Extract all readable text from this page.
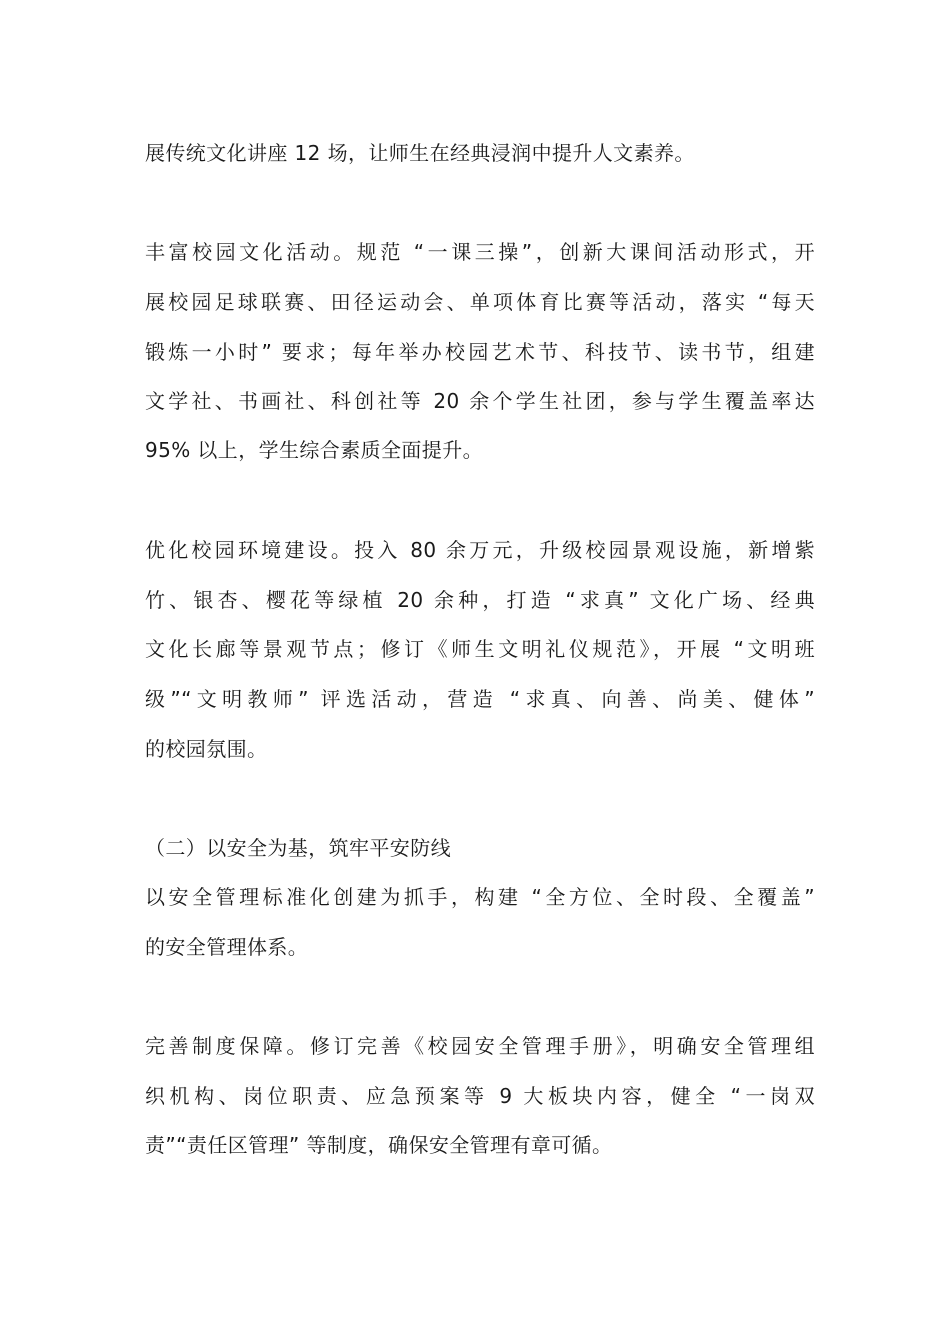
展传统文化讲座 12 场，让师生在经典浸润中提升人文素养。
丰富校园文化活动。规范 “一课三操”，创新大课间活动形式，开
展校园足球联赛、田径运动会、单项体育比赛等活动，落实 “每天
锻炼一小时” 要求；每年举办校园艺术节、科技节、读书节，组建
文学社、书画社、科创社等 20 余个学生社团，参与学生覆盖率达
95% 以上，学生综合素质全面提升。
优化校园环境建设。投入 80 余万元，升级校园景观设施，新增紫
竹、银杏、樱花等绿植 20 余种，打造 “求真” 文化广场、经典
文化长廊等景观节点；修订《师生文明礼仪规范》，开展 “文明班
级”“文明教师” 评选活动，营造 “求真、向善、尚美、健体”
的校园氛围。
（二）以安全为基，筑牢平安防线
以安全管理标准化创建为抓手，构建 “全方位、全时段、全覆盖”
的安全管理体系。
完善制度保障。修订完善《校园安全管理手册》，明确安全管理组
织机构、岗位职责、应急预案等 9 大板块内容，健全 “一岗双
责”“责任区管理” 等制度，确保安全管理有章可循。
